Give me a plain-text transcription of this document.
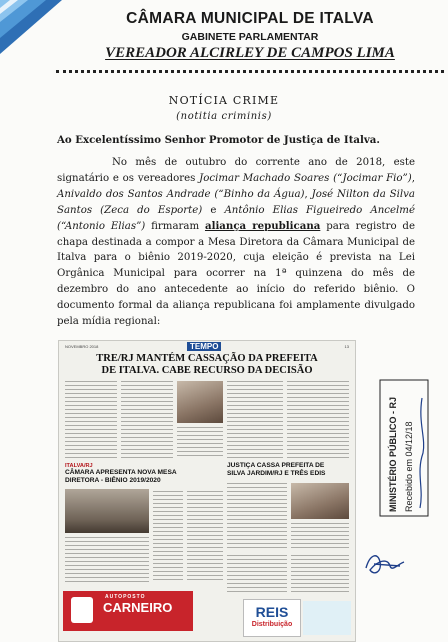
CÂMARA MUNICIPAL DE ITALVA
GABINETE PARLAMENTAR
VEREADOR ALCIRLEY DE CAMPOS LIMA
NOTÍCIA CRIME
(notitia criminis)
Ao Excelentíssimo Senhor Promotor de Justiça de Italva.

No mês de outubro do corrente ano de 2018, este signatário e os vereadores Jocimar Machado Soares (“Jocimar Fio”), Anivaldo dos Santos Andrade (“Binho da Água), José Nilton da Silva Santos (Zeca do Esporte) e Antônio Elias Figueiredo Ancelmé (“Antonio Elias”) firmaram aliança republicana para registro de chapa destinada a compor a Mesa Diretora da Câmara Municipal de Italva para o biênio 2019-2020, cuja eleição é prevista na Lei Orgânica Municipal para ocorrer na 1ª quinzena do mês de dezembro do ano antecedente ao início do referido biênio. O documento formal da aliança republicana foi amplamente divulgado pela mídia regional:

NOVEMBRO 2018	TEMPO	13
TRE/RJ MANTÉM CASSAÇÃO DA PREFEITA
DE ITALVA. CABE RECURSO DA DECISÃO
ITALVA/RJ
CÂMARA APRESENTA NOVA MESA
DIRETORA - BIÊNIO 2019/2020
JUSTIÇA CASSA PREFEITA DE
SILVA JARDIM/RJ E TRÊS EDIS
AUTOPOSTO
CARNEIRO	REIS
Distribuição
MINISTÉRIO PÚBLICO - RJ Recebido em 04/12/18
